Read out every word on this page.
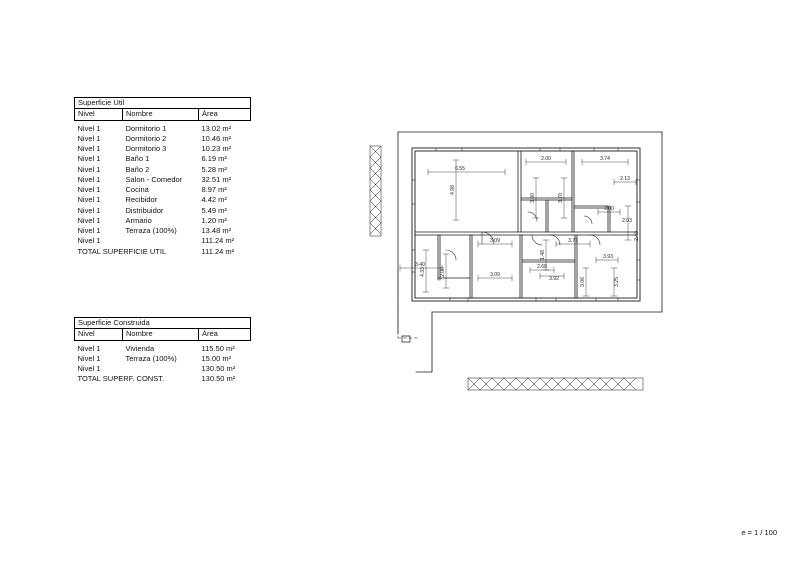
Superficie Util		
Nivel	Nombre	Área
Nivel 1	Dormitorio 1	13.02 m²
Nivel 1	Dormitorio 2	10.46 m²
Nivel 1	Dormitorio 3	10.23 m²
Nivel 1	Baño 1	6.19 m²
Nivel 1	Baño 2	5.28 m²
Nivel 1	Salon - Comedor	32.51 m²
Nivel 1	Cocina	8.97 m²
Nivel 1	Recibidor	4.42 m²
Nivel 1	Distribuidor	5.49 m²
Nivel 1	Armario	1.20 m²
Nivel 1	Terraza (100%)	13.48 m²
Nivel 1		111.24 m²
TOTAL SUPERFICIE UTIL		111.24 m²
Superficie Construida		
Nivel	Nombre	Área
Nivel 1	Vivienda	115.50 m²
Nivel 1	Terraza (100%)	15.00 m²
Nivel 1		130.50 m²
TOTAL SUPERF. CONST.		130.50 m²
e = 1 / 100
6.55
4.98
2.00	3.74
3.90	3.70
2.13
2.00
2.03
2.40
3.09
1.48
3.71
3.40
4.33	2.00	3.09
2.68
3.92
3.93
3.06	3.25
